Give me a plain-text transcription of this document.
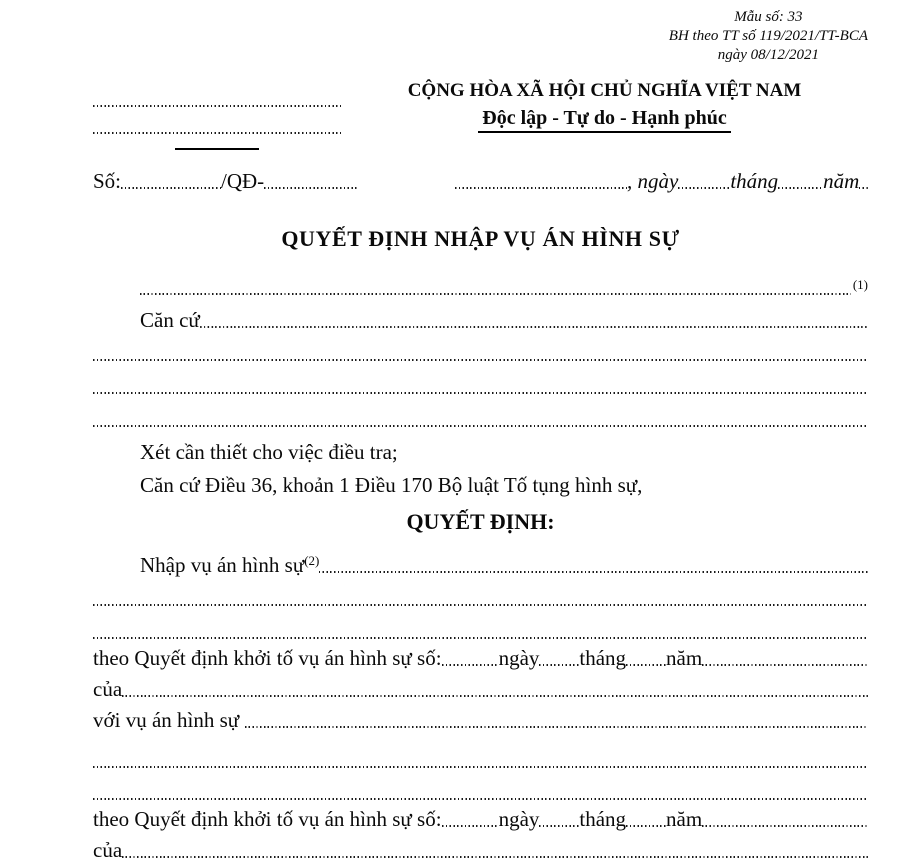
Mẫu số: 33
BH theo TT số 119/2021/TT-BCA
ngày 08/12/2021
CỘNG HÒA XÃ HỘI CHỦ NGHĨA VIỆT NAM
Độc lập - Tự do - Hạnh phúc
Số:	/QĐ-	, ngày tháng năm
QUYẾT ĐỊNH NHẬP VỤ ÁN HÌNH SỰ
(1)
Căn cứ
Xét cần thiết cho việc điều tra;
Căn cứ Điều 36, khoản 1 Điều 170 Bộ luật Tố tụng hình sự,
QUYẾT ĐỊNH:
Nhập vụ án hình sự$^{(2)}$
theo Quyết định khởi tố vụ án hình sự số:	ngày tháng năm
của
với vụ án hình sự
theo Quyết định khởi tố vụ án hình sự số:	ngày tháng năm
của
